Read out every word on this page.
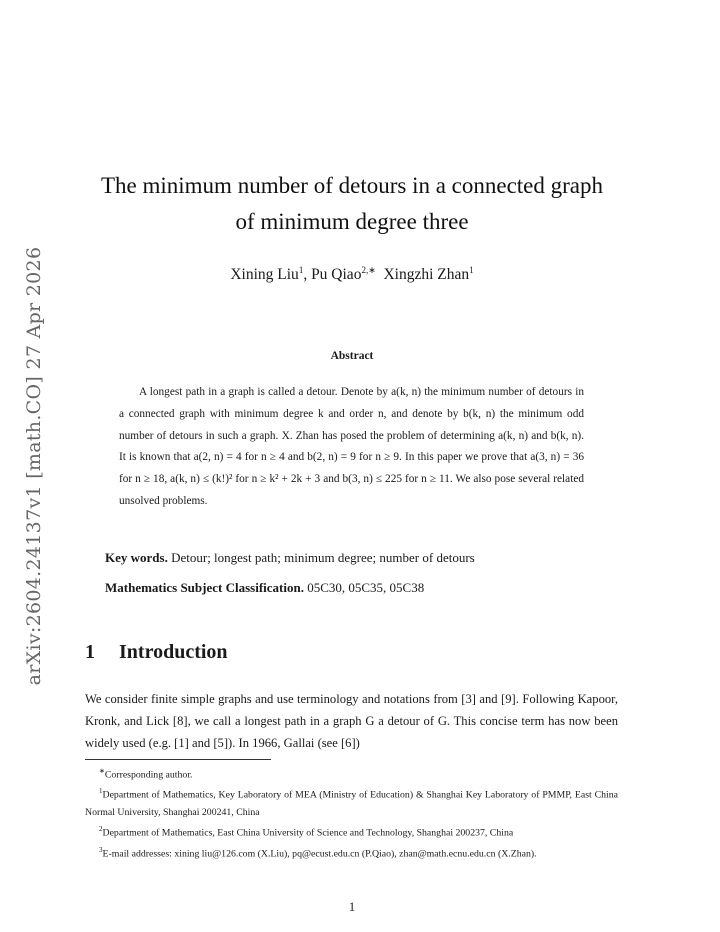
arXiv:2604.24137v1 [math.CO] 27 Apr 2026
The minimum number of detours in a connected graph
of minimum degree three
Xining Liu$^1$, Pu Qiao$^{2,∗}$ Xingzhi Zhan$^1$
Abstract
A longest path in a graph is called a detour. Denote by a(k, n) the minimum number of detours in a connected graph with minimum degree k and order n, and denote by b(k, n) the minimum odd number of detours in such a graph. X. Zhan has posed the problem of determining a(k, n) and b(k, n). It is known that a(2, n) = 4 for n ≥ 4 and b(2, n) = 9 for n ≥ 9. In this paper we prove that a(3, n) = 36 for n ≥ 18, a(k, n) ≤ (k!)² for n ≥ k² + 2k + 3 and b(3, n) ≤ 225 for n ≥ 11. We also pose several related unsolved problems.
Key words. Detour; longest path; minimum degree; number of detours
Mathematics Subject Classification. 05C30, 05C35, 05C38
1 Introduction
We consider finite simple graphs and use terminology and notations from [3] and [9]. Following Kapoor, Kronk, and Lick [8], we call a longest path in a graph G a detour of G. This concise term has now been widely used (e.g. [1] and [5]). In 1966, Gallai (see [6])

∗Corresponding author.

$^1$Department of Mathematics, Key Laboratory of MEA (Ministry of Education) & Shanghai Key Laboratory of PMMP, East China Normal University, Shanghai 200241, China

$^2$Department of Mathematics, East China University of Science and Technology, Shanghai 200237, China

$^3$E-mail addresses: xining liu@126.com (X.Liu), pq@ecust.edu.cn (P.Qiao), zhan@math.ecnu.edu.cn (X.Zhan).

1
